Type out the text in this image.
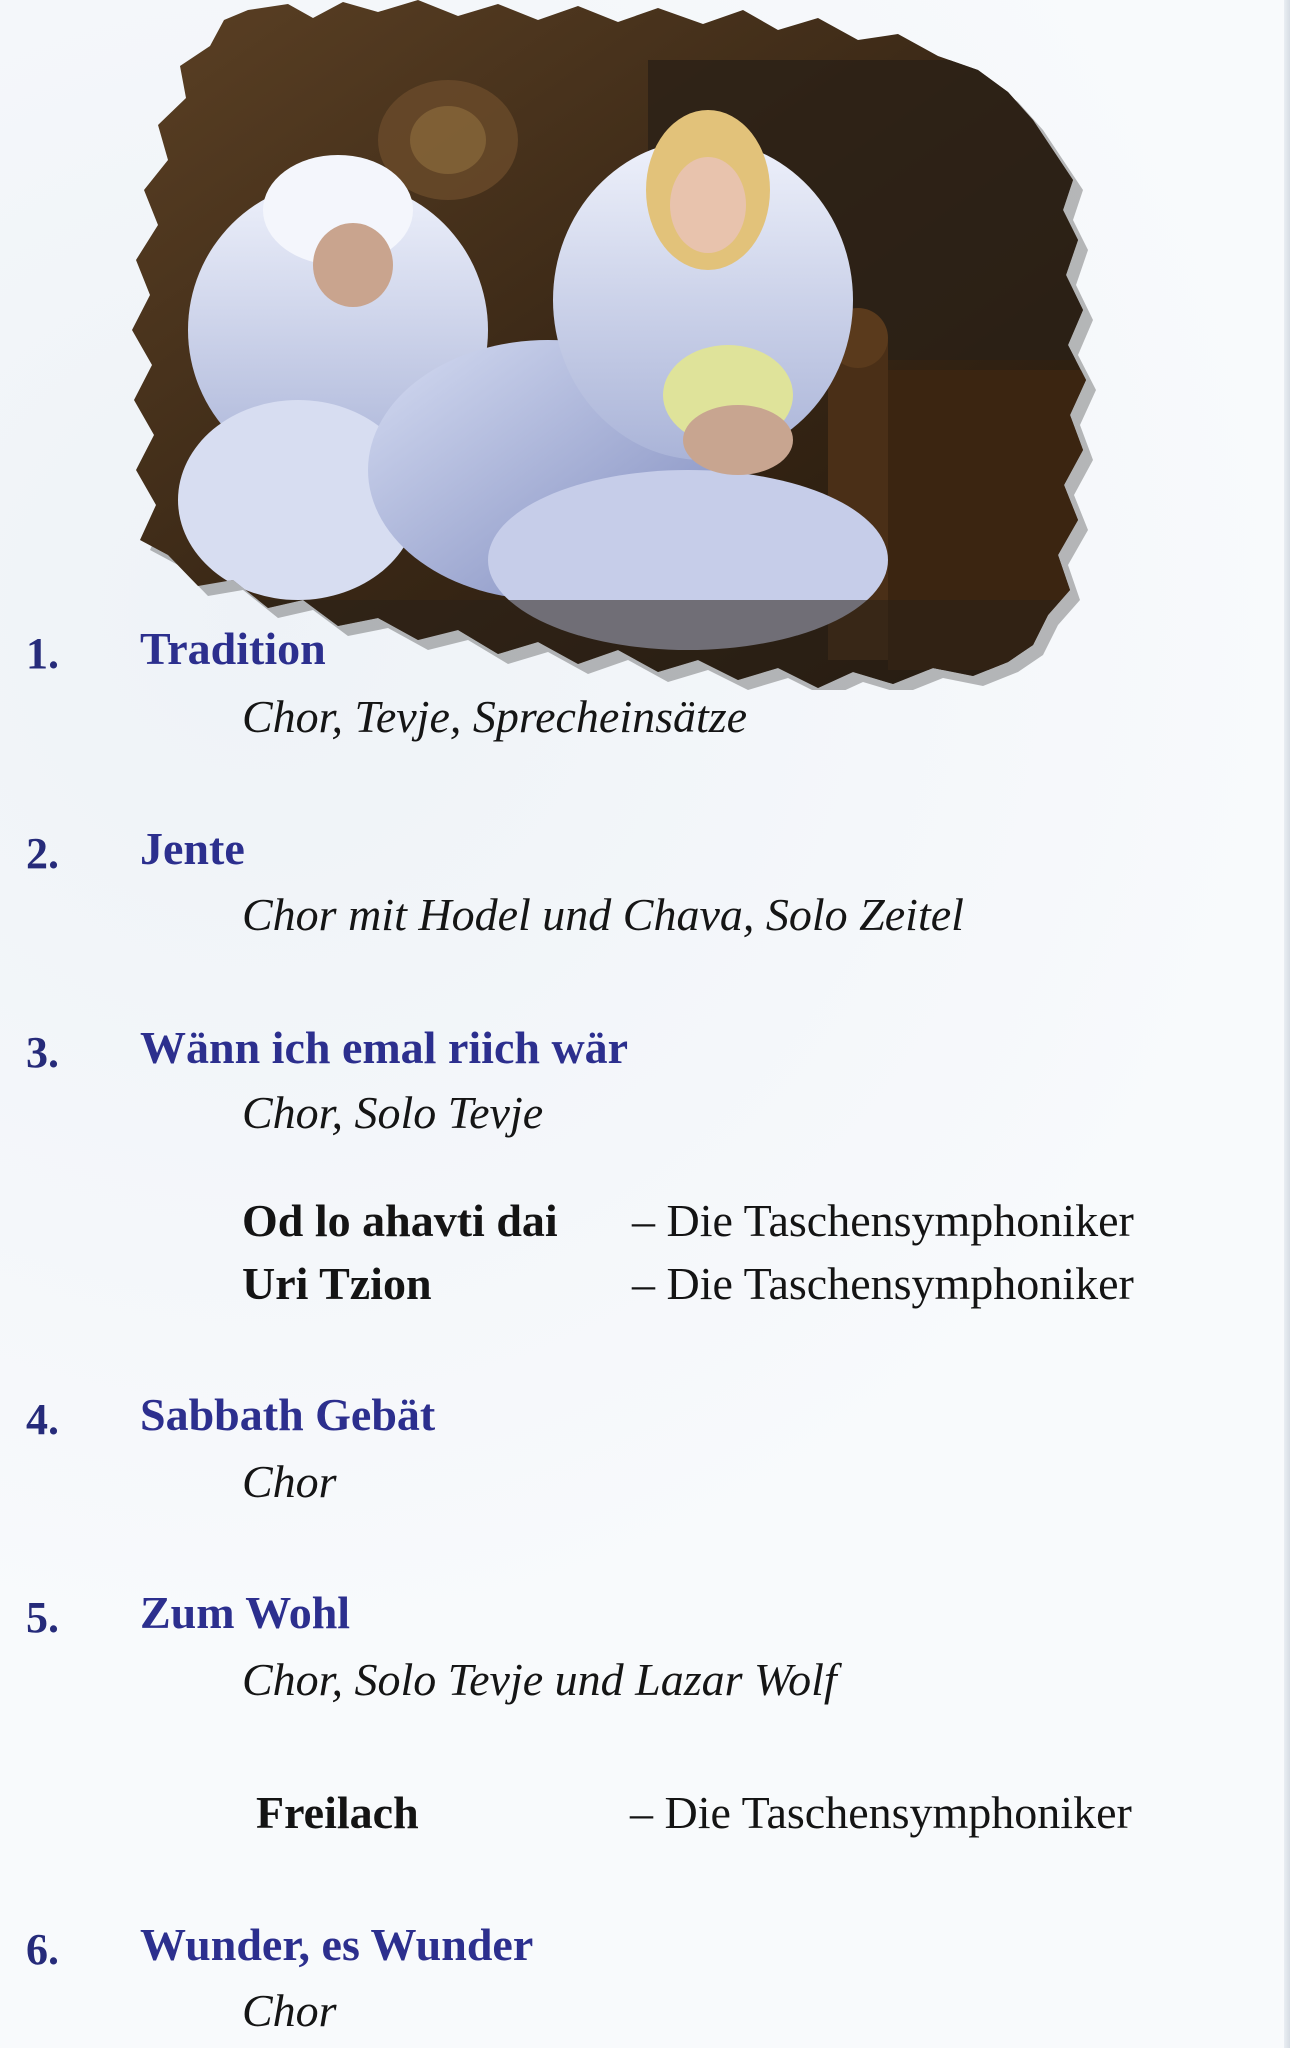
1. Tradition
Chor, Tevje, Sprecheinsätze
2. Jente
Chor mit Hodel und Chava, Solo Zeitel
3. Wänn ich emal riich wär
Chor, Solo Tevje
Od lo ahavti dai – Die Taschensymphoniker
Uri Tzion	– Die Taschensymphoniker
4. Sabbath Gebät
Chor
5. Zum Wohl
Chor, Solo Tevje und Lazar Wolf
Freilach	– Die Taschensymphoniker
6. Wunder, es Wunder
Chor
